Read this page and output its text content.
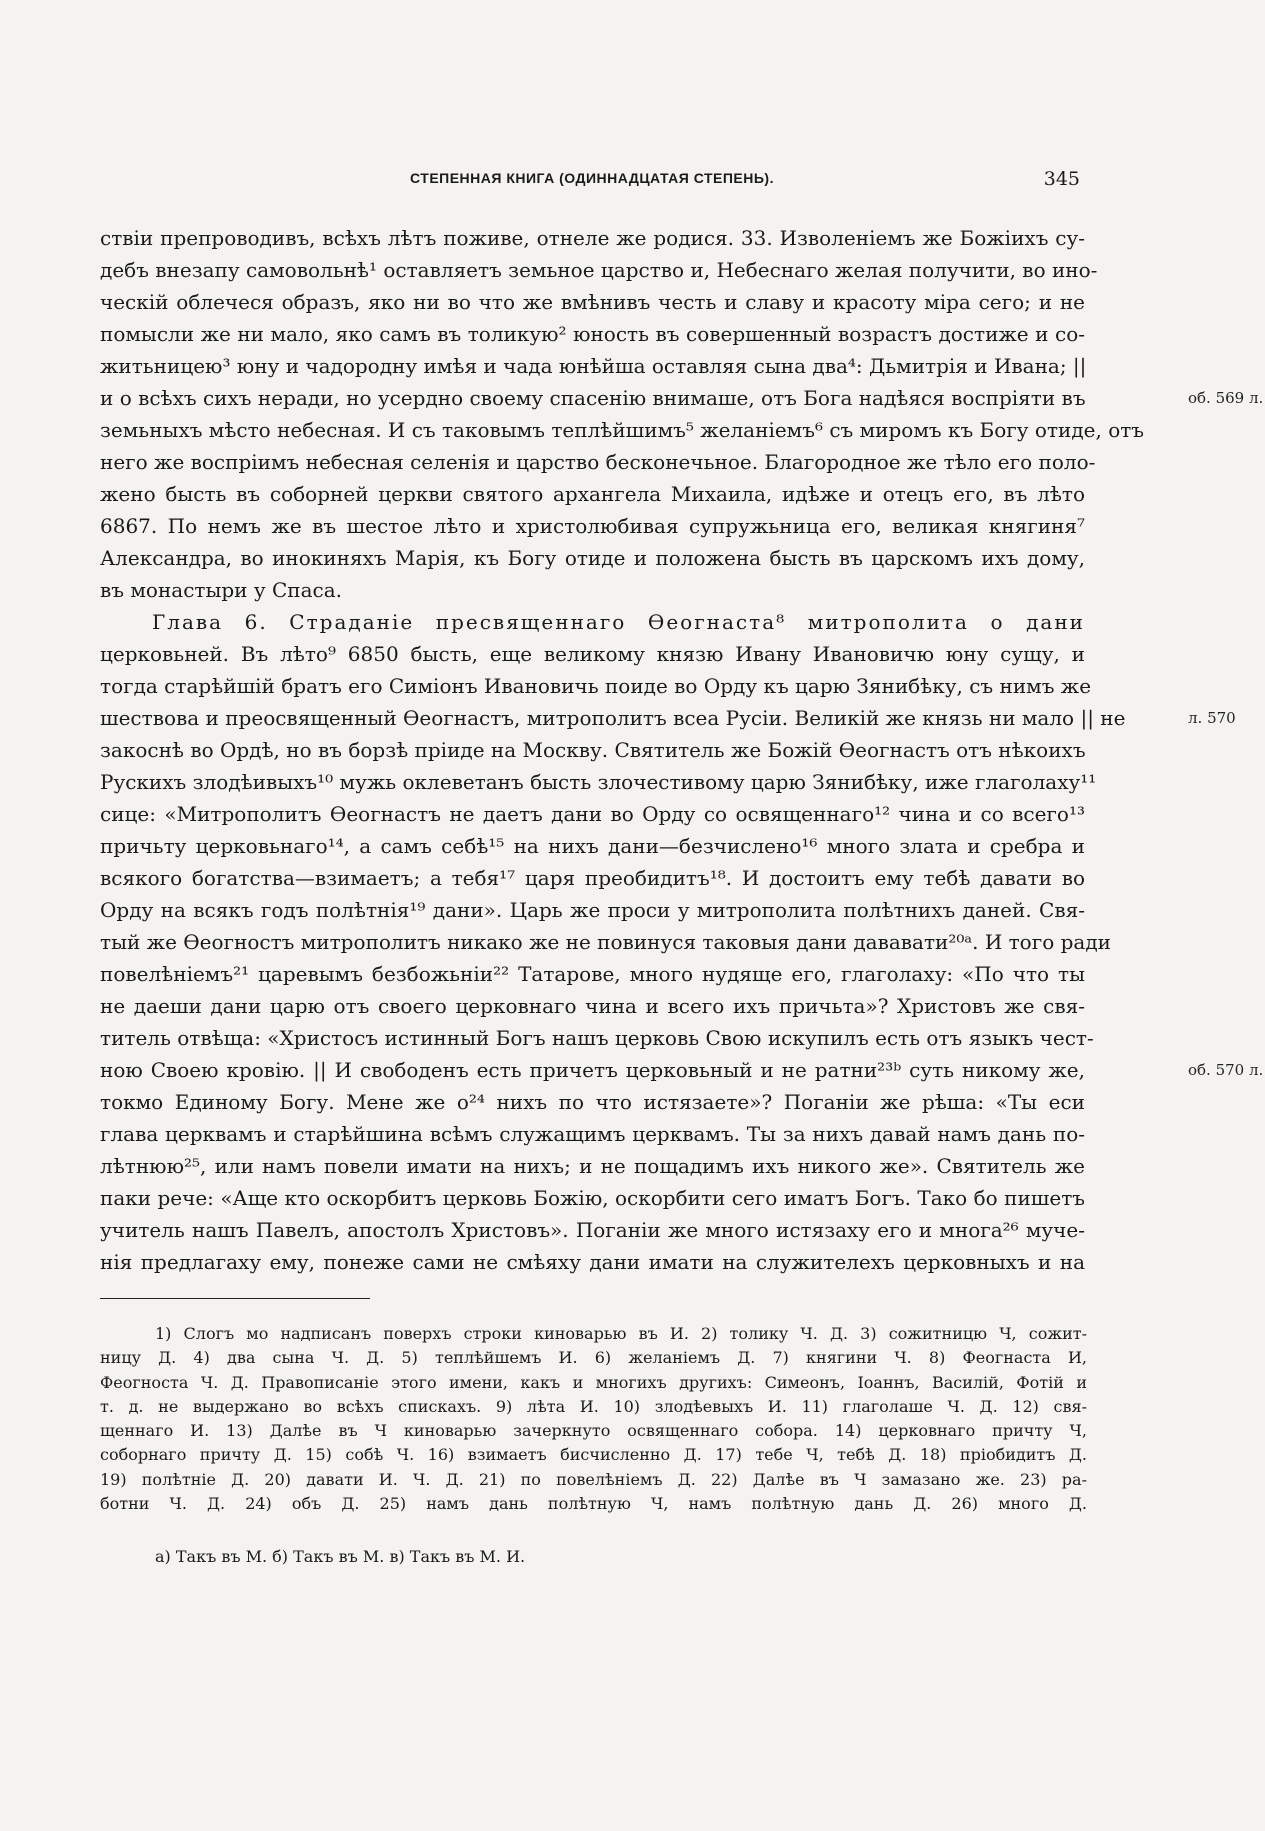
СТЕПЕННАЯ КНИГА (ОДИННАДЦАТАЯ СТЕПЕНЬ).	345
ствіи препроводивъ, всѣхъ лѣтъ поживе, отнеле же родися. 33. Изволеніемъ же Божіихъ су-
дебъ внезапу самовольнѣ¹ оставляетъ земьное царство и, Небеснаго желая получити, во ино-
ческій облечеся образъ, яко ни во что же вмѣнивъ честь и славу и красоту міра сего; и не
помысли же ни мало, яко самъ въ толикую² юность въ совершенный возрастъ достиже и со-
житьницею³ юну и чадородну имѣя и чада юнѣйша оставляя сына два⁴: Дьмитрія и Ивана; ||
и о всѣхъ сихъ неради, но усердно своему спасенію внимаше, отъ Бога надѣяся воспріяти въ	об. 569 л.
земьныхъ мѣсто небесная. И съ таковымъ теплѣйшимъ⁵ желаніемъ⁶ съ миромъ къ Богу отиде, отъ
него же воспріимъ небесная селенія и царство бесконечьное. Благородное же тѣло его поло-
жено бысть въ соборней церкви святого архангела Михаила, идѣже и отецъ его, въ лѣто
6867. По немъ же въ шестое лѣто и христолюбивая супружьница его, великая княгиня⁷
Александра, во инокиняхъ Марія, къ Богу отиде и положена бысть въ царскомъ ихъ дому,
въ монастыри у Спаса.
Глава 6. Страданіе пресвященнаго Ѳеогнаста⁸ митрополита о дани
церковьней. Въ лѣто⁹ 6850 бысть, еще великому князю Ивану Ивановичю юну сущу, и
тогда старѣйшій братъ его Симіонъ Ивановичь поиде во Орду къ царю Зянибѣку, съ нимъ же
шествова и преосвященный Ѳеогнастъ, митрополитъ всеа Русіи. Великій же князь ни мало || не	л. 570
закоснѣ во Ордѣ, но въ борзѣ пріиде на Москву. Святитель же Божій Ѳеогнастъ отъ нѣкоихъ
Рускихъ злодѣивыхъ¹⁰ мужь оклеветанъ бысть злочестивому царю Зянибѣку, иже глаголаху¹¹
сице: «Митрополитъ Ѳеогнастъ не даетъ дани во Орду со освященнаго¹² чина и со всего¹³
причьту церковьнаго¹⁴, а самъ себѣ¹⁵ на нихъ дани—безчислено¹⁶ много злата и сребра и
всякого богатства—взимаетъ; а тебя¹⁷ царя преобидитъ¹⁸. И достоитъ ему тебѣ давати во
Орду на всякъ годъ полѣтнія¹⁹ дани». Царь же проси у митрополита полѣтнихъ даней. Свя-
тый же Ѳеогностъ митрополитъ никако же не повинуся таковыя дани дававати²⁰ᵃ. И того ради
повелѣніемъ²¹ царевымъ безбожьніи²² Татарове, много нудяще его, глаголаху: «По что ты
не даеши дани царю отъ своего церковнаго чина и всего ихъ причьта»? Христовъ же свя-
титель отвѣща: «Христосъ истинный Богъ нашъ церковь Свою искупилъ есть отъ языкъ чест-
ною Своею кровію. || И свободенъ есть причетъ церковьный и не ратни²³ᵇ суть никому же,	об. 570 л.
токмо Единому Богу. Мене же о²⁴ нихъ по что истязаете»? Поганіи же рѣша: «Ты еси
глава церквамъ и старѣйшина всѣмъ служащимъ церквамъ. Ты за нихъ давай намъ дань по-
лѣтнюю²⁵, или намъ повели имати на нихъ; и не пощадимъ ихъ никого же». Святитель же
паки рече: «Аще кто оскорбитъ церковь Божію, оскорбити сего иматъ Богъ. Тако бо пишетъ
учитель нашъ Павелъ, апостолъ Христовъ». Поганіи же много истязаху его и многа²⁶ муче-
нія предлагаху ему, понеже сами не смѣяху дани имати на служителехъ церковныхъ и на
1) Слогъ мо надписанъ поверхъ строки киноварью въ И. 2) толику Ч. Д. 3) сожитницю Ч, сожит-
ницу Д. 4) два сына Ч. Д. 5) теплѣйшемъ И. 6) желаніемъ Д. 7) княгини Ч. 8) Феогнаста И,
Феогноста Ч. Д. Правописаніе этого имени, какъ и многихъ другихъ: Симеонъ, Іоаннъ, Василій, Фотій и
т. д. не выдержано во всѣхъ спискахъ. 9) лѣта И. 10) злодѣевыхъ И. 11) глаголаше Ч. Д. 12) свя-
щеннаго И. 13) Далѣе въ Ч киноварью зачеркнуто освященнаго собора. 14) церковнаго причту Ч,
соборнаго причту Д. 15) собѣ Ч. 16) взимаетъ бисчисленно Д. 17) тебе Ч, тебѣ Д. 18) пріобидитъ Д.
19) полѣтніе Д. 20) давати И. Ч. Д. 21) по повелѣніемъ Д. 22) Далѣе въ Ч замазано же. 23) ра-
ботни Ч. Д. 24) объ Д. 25) намъ дань полѣтную Ч, намъ полѣтную дань Д. 26) много Д.
а) Такъ въ М. б) Такъ въ М. в) Такъ въ М. И.
